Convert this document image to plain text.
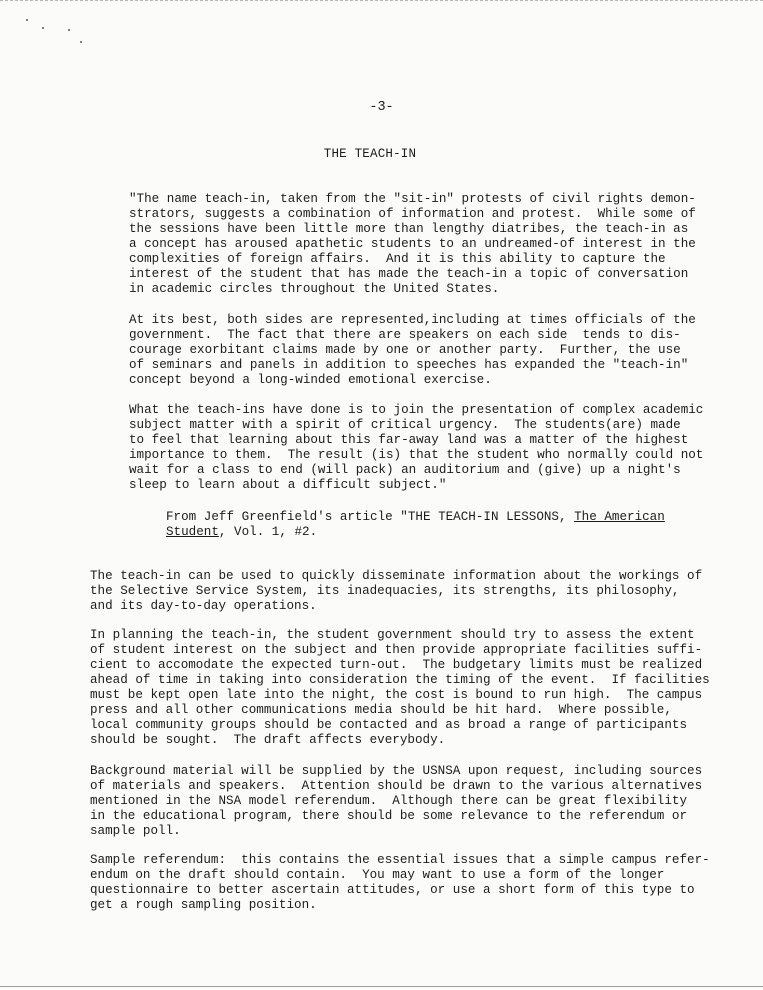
-3-
THE TEACH-IN

"The name teach-in, taken from the "sit-in" protests of civil rights demon-
strators, suggests a combination of information and protest.  While some of
the sessions have been little more than lengthy diatribes, the teach-in as
a concept has aroused apathetic students to an undreamed-of interest in the
complexities of foreign affairs.  And it is this ability to capture the
interest of the student that has made the teach-in a topic of conversation
in academic circles throughout the United States.

At its best, both sides are represented,including at times officials of the
government.  The fact that there are speakers on each side  tends to dis-
courage exorbitant claims made by one or another party.  Further, the use
of seminars and panels in addition to speeches has expanded the "teach-in"
concept beyond a long-winded emotional exercise.

What the teach-ins have done is to join the presentation of complex academic
subject matter with a spirit of critical urgency.  The students(are) made
to feel that learning about this far-away land was a matter of the highest
importance to them.  The result (is) that the student who normally could not
wait for a class to end (will pack) an auditorium and (give) up a night's
sleep to learn about a difficult subject."

From Jeff Greenfield's article "THE TEACH-IN LESSONS, The American
Student, Vol. 1, #2.

The teach-in can be used to quickly disseminate information about the workings of
the Selective Service System, its inadequacies, its strengths, its philosophy,
and its day-to-day operations.

In planning the teach-in, the student government should try to assess the extent
of student interest on the subject and then provide appropriate facilities suffi-
cient to accomodate the expected turn-out.  The budgetary limits must be realized
ahead of time in taking into consideration the timing of the event.  If facilities
must be kept open late into the night, the cost is bound to run high.  The campus
press and all other communications media should be hit hard.  Where possible,
local community groups should be contacted and as broad a range of participants
should be sought.  The draft affects everybody.

Background material will be supplied by the USNSA upon request, including sources
of materials and speakers.  Attention should be drawn to the various alternatives
mentioned in the NSA model referendum.  Although there can be great flexibility
in the educational program, there should be some relevance to the referendum or
sample poll.

Sample referendum:  this contains the essential issues that a simple campus refer-
endum on the draft should contain.  You may want to use a form of the longer
questionnaire to better ascertain attitudes, or use a short form of this type to
get a rough sampling position.
